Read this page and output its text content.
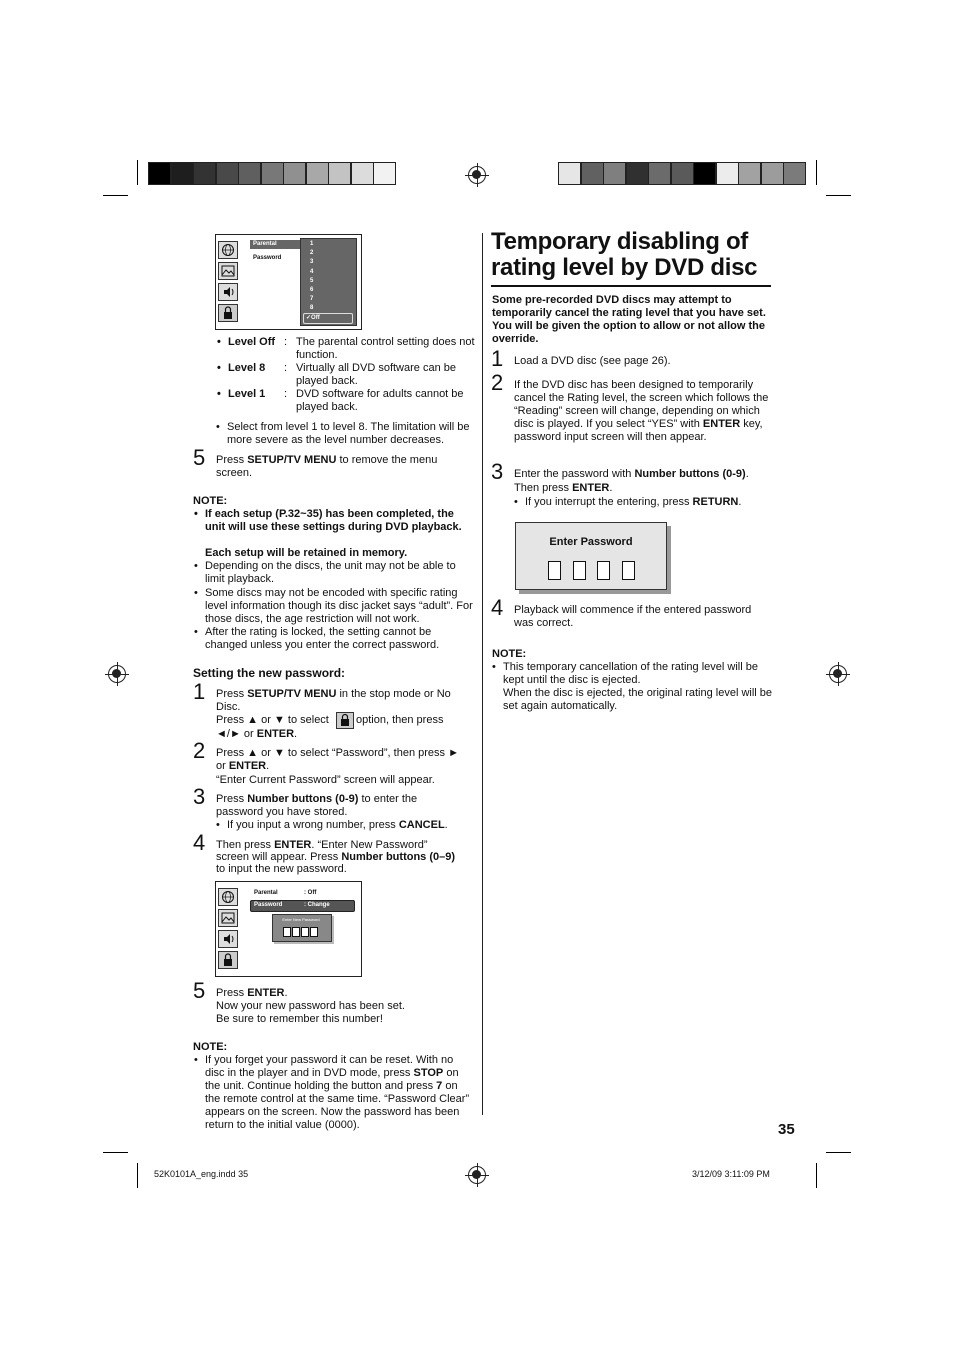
Parental
Password
1
2
3
4
5
6
7
8
✓Off
• Level Off : The parental control setting does not function.
• Level 8 : Virtually all DVD software can be played back.
• Level 1 : DVD software for adults cannot be played back.
• Select from level 1 to level 8. The limitation will be more severe as the level number decreases.
5 Press SETUP/TV MENU to remove the menu screen.
NOTE:
• If each setup (P.32~35) has been completed, the unit will use these settings during DVD playback.
Each setup will be retained in memory.
• Depending on the discs, the unit may not be able to limit playback.
• Some discs may not be encoded with specific rating level information though its disc jacket says “adult”. For those discs, the age restriction will not work.
• After the rating is locked, the setting cannot be changed unless you enter the correct password.
Setting the new password:
1 Press SETUP/TV MENU in the stop mode or No Disc.
Press ▲ or ▼ to select option, then press
◄/► or ENTER.
2 Press ▲ or ▼ to select “Password”, then press ►
or ENTER.
“Enter Current Password” screen will appear.
3 Press Number buttons (0-9) to enter the
password you have stored.
• If you input a wrong number, press CANCEL.
4 Then press ENTER. “Enter New Password”
screen will appear. Press Number buttons (0–9)
to input the new password.
Parental	: Off
Password	: Change
Enter New Password
5 Press ENTER.
Now your new password has been set.
Be sure to remember this number!
NOTE:
• If you forget your password it can be reset. With no disc in the player and in DVD mode, press STOP on the unit. Continue holding the button and press 7 on the remote control at the same time. “Password Clear” appears on the screen. Now the password has been return to the initial value (0000).
Temporary disabling of
rating level by DVD disc
Some pre-recorded DVD discs may attempt to temporarily cancel the rating level that you have set. You will be given the option to allow or not allow the override.
1 Load a DVD disc (see page 26).
2 If the DVD disc has been designed to temporarily cancel the Rating level, the screen which follows the “Reading” screen will change, depending on which disc is played. If you select “YES” with ENTER key, password input screen will then appear.
3 Enter the password with Number buttons (0-9).
Then press ENTER.
• If you interrupt the entering, press RETURN.
Enter Password
4 Playback will commence if the entered password was correct.
NOTE:
• This temporary cancellation of the rating level will be kept until the disc is ejected.
When the disc is ejected, the original rating level will be set again automatically.
35
52K0101A_eng.indd 35	3/12/09 3:11:09 PM
